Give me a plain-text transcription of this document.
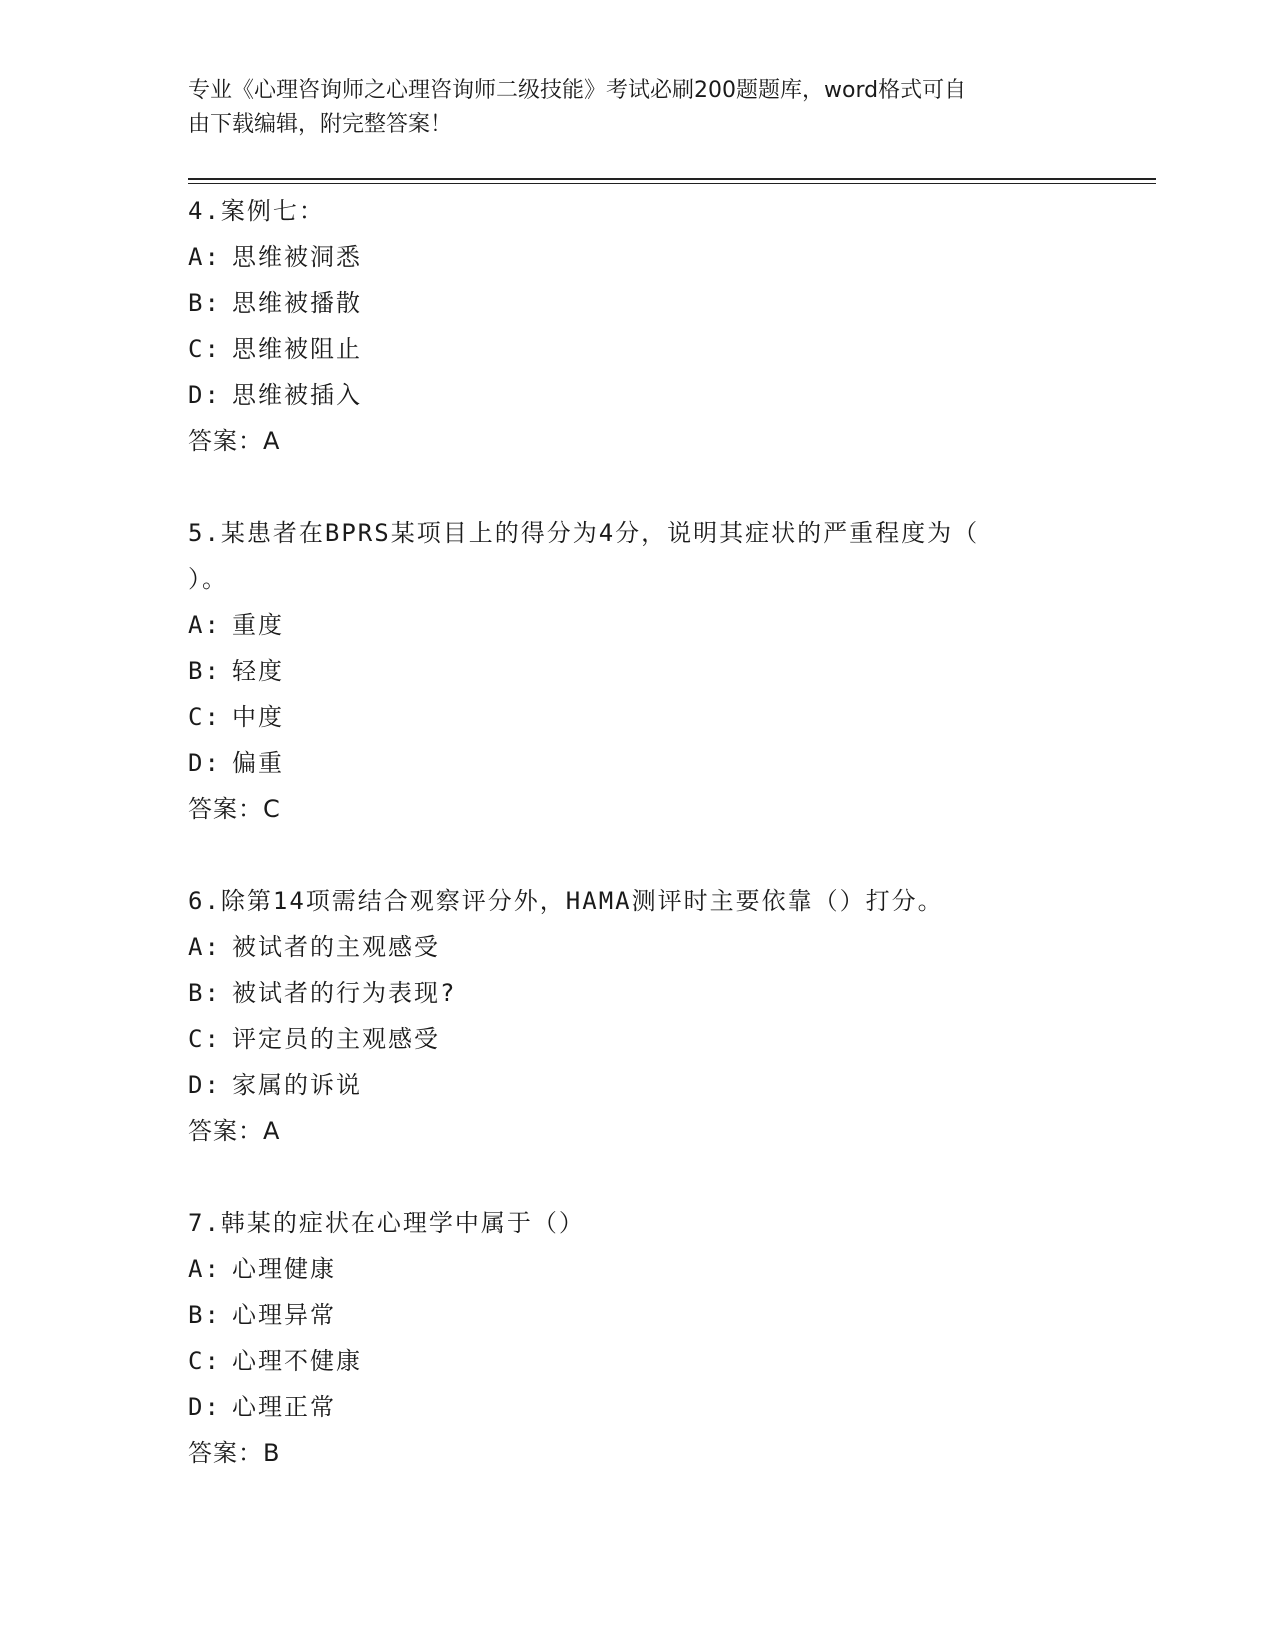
专业《心理咨询师之心理咨询师二级技能》考试必刷200题题库，word格式可自
由下载编辑，附完整答案！
4.案例七：
A: 思维被洞悉
B: 思维被播散
C: 思维被阻止
D: 思维被插入
答案：A
5.某患者在BPRS某项目上的得分为4分，说明其症状的严重程度为（
）。
A: 重度
B: 轻度
C: 中度
D: 偏重
答案：C
6.除第14项需结合观察评分外，HAMA测评时主要依靠（）打分。
A: 被试者的主观感受
B: 被试者的行为表现?
C: 评定员的主观感受
D: 家属的诉说
答案：A
7.韩某的症状在心理学中属于（）
A: 心理健康
B: 心理异常
C: 心理不健康
D: 心理正常
答案：B
